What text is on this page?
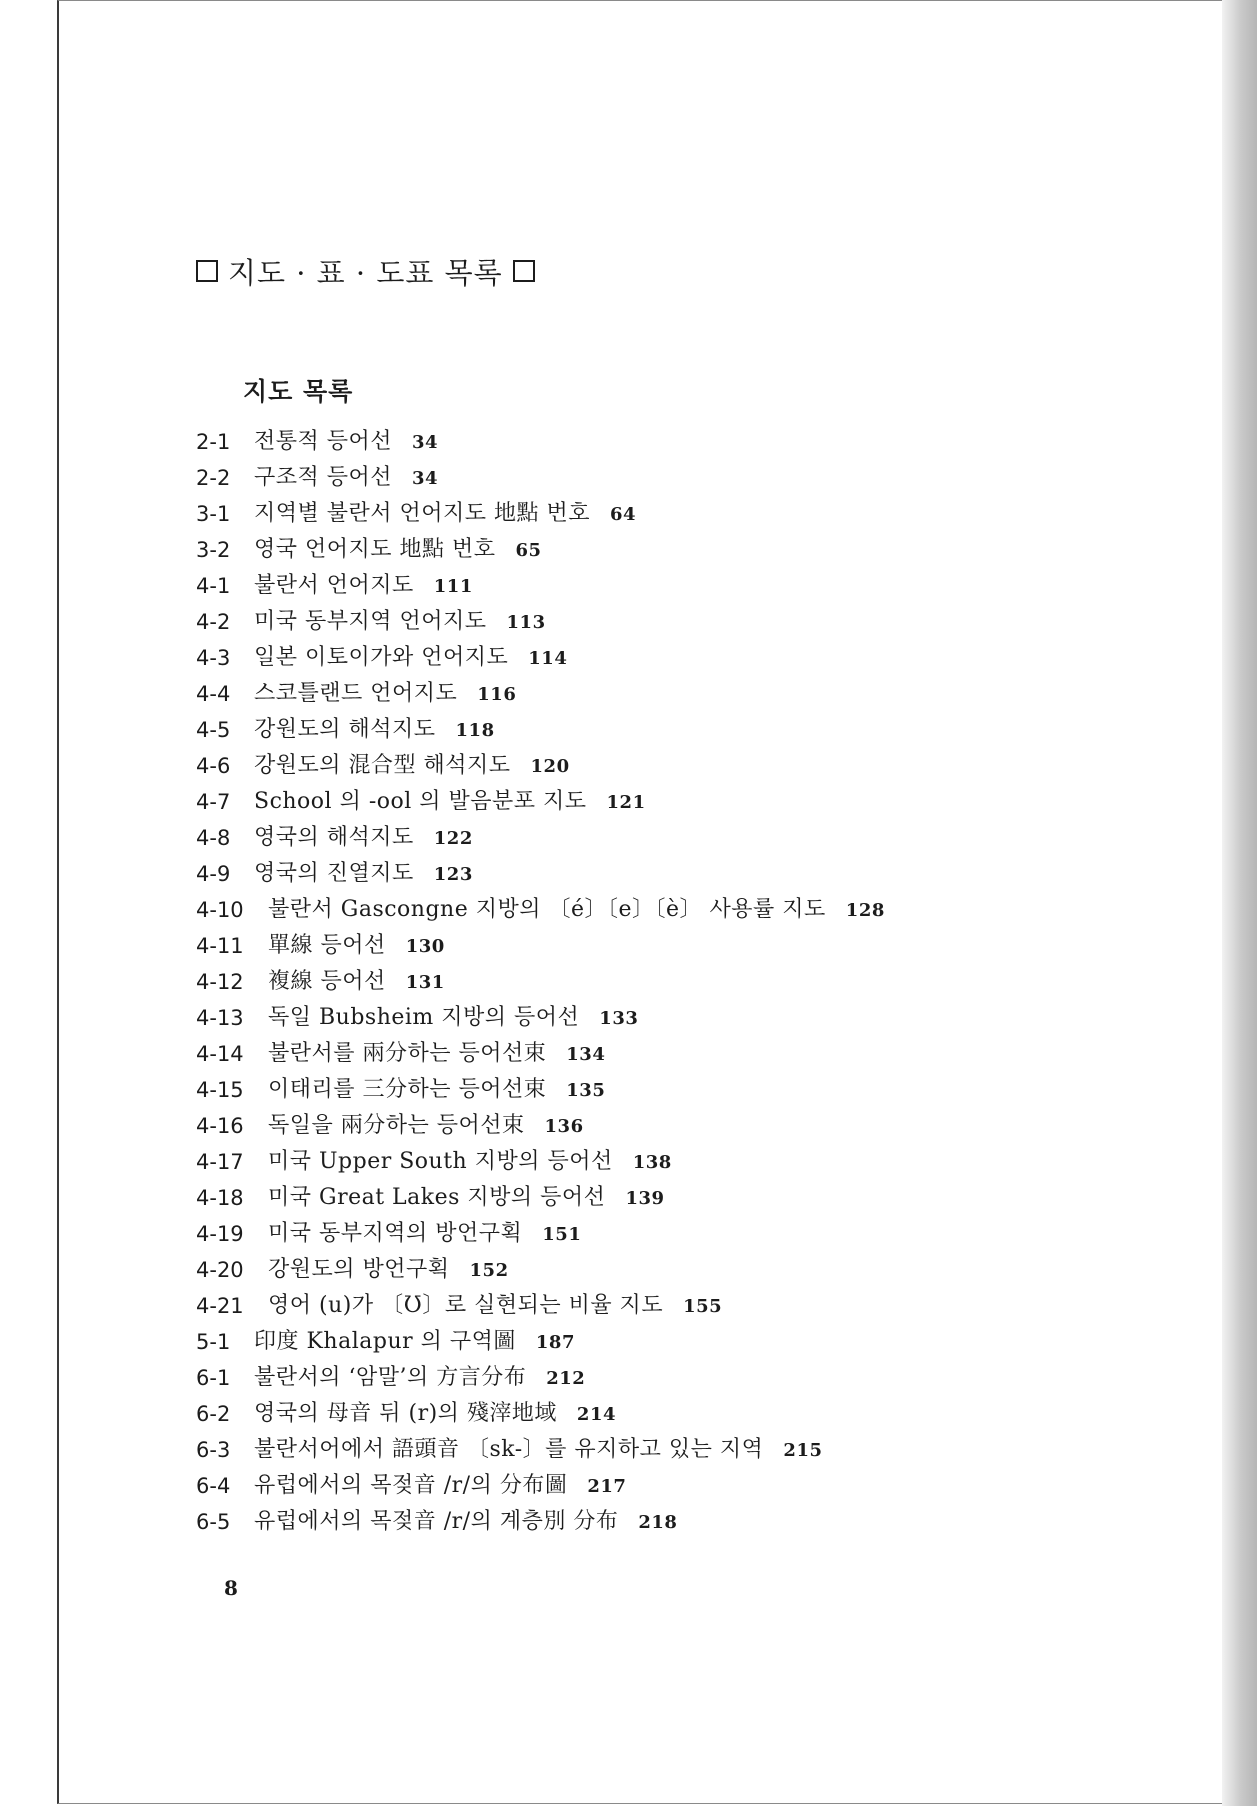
지도 · 표 · 도표 목록
지도 목록
2-1 전통적 등어선 34
2-2 구조적 등어선 34
3-1 지역별 불란서 언어지도 地點 번호 64
3-2 영국 언어지도 地點 번호 65
4-1 불란서 언어지도 111
4-2 미국 동부지역 언어지도 113
4-3 일본 이토이가와 언어지도 114
4-4 스코틀랜드 언어지도 116
4-5 강원도의 해석지도 118
4-6 강원도의 混合型 해석지도 120
4-7 School 의 -ool 의 발음분포 지도 121
4-8 영국의 해석지도 122
4-9 영국의 진열지도 123
4-10 불란서 Gascongne 지방의 〔é〕〔e〕〔è〕 사용률 지도 128
4-11 單線 등어선 130
4-12 複線 등어선 131
4-13 독일 Bubsheim 지방의 등어선 133
4-14 불란서를 兩分하는 등어선束 134
4-15 이태리를 三分하는 등어선束 135
4-16 독일을 兩分하는 등어선束 136
4-17 미국 Upper South 지방의 등어선 138
4-18 미국 Great Lakes 지방의 등어선 139
4-19 미국 동부지역의 방언구획 151
4-20 강원도의 방언구획 152
4-21 영어 (u)가 〔Ʊ〕로 실현되는 비율 지도 155
5-1 印度 Khalapur 의 구역圖 187
6-1 불란서의 ‘암말’의 方言分布 212
6-2 영국의 母音 뒤 (r)의 殘滓地域 214
6-3 불란서어에서 語頭音 〔sk-〕를 유지하고 있는 지역 215
6-4 유럽에서의 목젖音 /r/의 分布圖 217
6-5 유럽에서의 목젖音 /r/의 계층別 分布 218
8
